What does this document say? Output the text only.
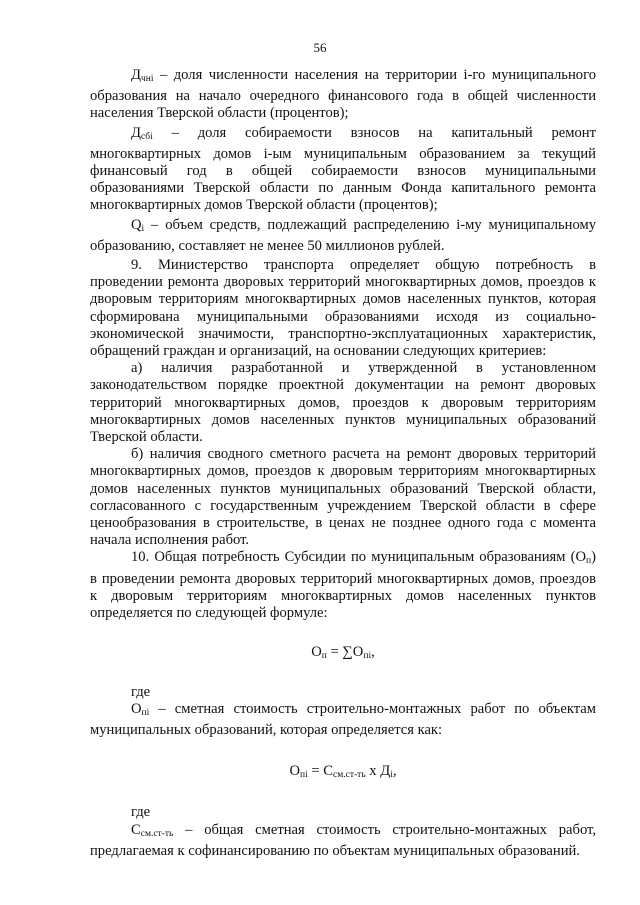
56

$Д_{чнi}$ – доля численности населения на территории i-го муниципального образования на начало очередного финансового года в общей численности населения Тверской области (процентов);

$Д_{сбi}$ – доля собираемости взносов на капитальный ремонт многоквартирных домов i-ым муниципальным образованием за текущий финансовый год в общей собираемости взносов муниципальными образованиями Тверской области по данным Фонда капитального ремонта многоквартирных домов Тверской области (процентов);

$Q_i$ – объем средств, подлежащий распределению i-му муниципальному образованию, составляет не менее 50 миллионов рублей.

9. Министерство транспорта определяет общую потребность в проведении ремонта дворовых территорий многоквартирных домов, проездов к дворовым территориям многоквартирных домов населенных пунктов, которая сформирована муниципальными образованиями исходя из социально-экономической значимости, транспортно-эксплуатационных характеристик, обращений граждан и организаций, на основании следующих критериев:

а) наличия разработанной и утвержденной в установленном законодательством порядке проектной документации на ремонт дворовых территорий многоквартирных домов, проездов к дворовым территориям многоквартирных домов населенных пунктов муниципальных образований Тверской области.

б) наличия сводного сметного расчета на ремонт дворовых территорий многоквартирных домов, проездов к дворовым территориям многоквартирных домов населенных пунктов муниципальных образований Тверской области, согласованного с государственным учреждением Тверской области в сфере ценообразования в строительстве, в ценах не позднее одного года с момента начала исполнения работ.

10. Общая потребность Субсидии по муниципальным образованиям $(О_п)$ в проведении ремонта дворовых территорий многоквартирных домов, проездов к дворовым территориям многоквартирных домов населенных пунктов определяется по следующей формуле:

$О_п = \sum О_{пi}$,

где

$О_{пi}$ – сметная стоимость строительно-монтажных работ по объектам муниципальных образований, которая определяется как:

$О_{пi} = С_{см.ст-ть}$ х $Д_i$,

где

$С_{см.ст-ть}$ – общая сметная стоимость строительно-монтажных работ, предлагаемая к софинансированию по объектам муниципальных образований.
